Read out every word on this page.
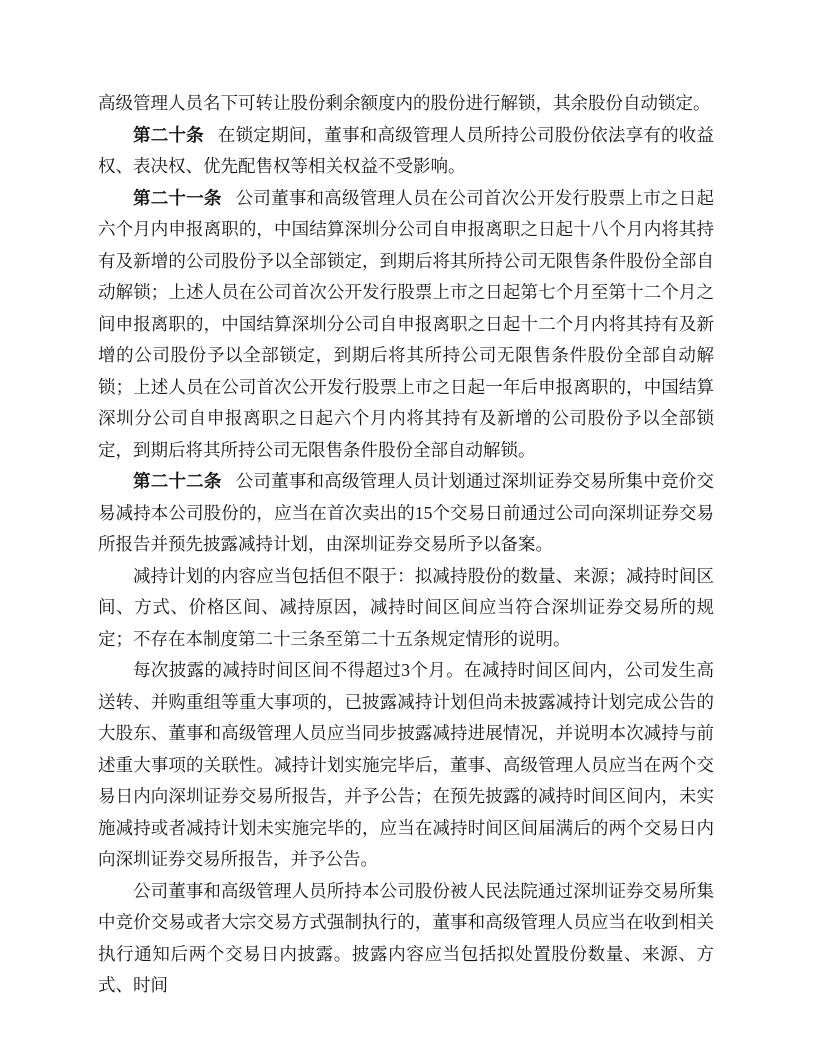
高级管理人员名下可转让股份剩余额度内的股份进行解锁，其余股份自动锁定。

第二十条 在锁定期间，董事和高级管理人员所持公司股份依法享有的收益权、表决权、优先配售权等相关权益不受影响。

第二十一条 公司董事和高级管理人员在公司首次公开发行股票上市之日起六个月内申报离职的，中国结算深圳分公司自申报离职之日起十八个月内将其持有及新增的公司股份予以全部锁定，到期后将其所持公司无限售条件股份全部自动解锁；上述人员在公司首次公开发行股票上市之日起第七个月至第十二个月之间申报离职的，中国结算深圳分公司自申报离职之日起十二个月内将其持有及新增的公司股份予以全部锁定，到期后将其所持公司无限售条件股份全部自动解锁；上述人员在公司首次公开发行股票上市之日起一年后申报离职的，中国结算深圳分公司自申报离职之日起六个月内将其持有及新增的公司股份予以全部锁定，到期后将其所持公司无限售条件股份全部自动解锁。

第二十二条 公司董事和高级管理人员计划通过深圳证券交易所集中竞价交易减持本公司股份的，应当在首次卖出的15个交易日前通过公司向深圳证券交易所报告并预先披露减持计划，由深圳证券交易所予以备案。

减持计划的内容应当包括但不限于：拟减持股份的数量、来源；减持时间区间、方式、价格区间、减持原因，减持时间区间应当符合深圳证券交易所的规定；不存在本制度第二十三条至第二十五条规定情形的说明。

每次披露的减持时间区间不得超过3个月。在减持时间区间内，公司发生高送转、并购重组等重大事项的，已披露减持计划但尚未披露减持计划完成公告的大股东、董事和高级管理人员应当同步披露减持进展情况，并说明本次减持与前述重大事项的关联性。减持计划实施完毕后，董事、高级管理人员应当在两个交易日内向深圳证券交易所报告，并予公告；在预先披露的减持时间区间内，未实施减持或者减持计划未实施完毕的，应当在减持时间区间届满后的两个交易日内向深圳证券交易所报告，并予公告。

公司董事和高级管理人员所持本公司股份被人民法院通过深圳证券交易所集中竞价交易或者大宗交易方式强制执行的，董事和高级管理人员应当在收到相关执行通知后两个交易日内披露。披露内容应当包括拟处置股份数量、来源、方式、时间
